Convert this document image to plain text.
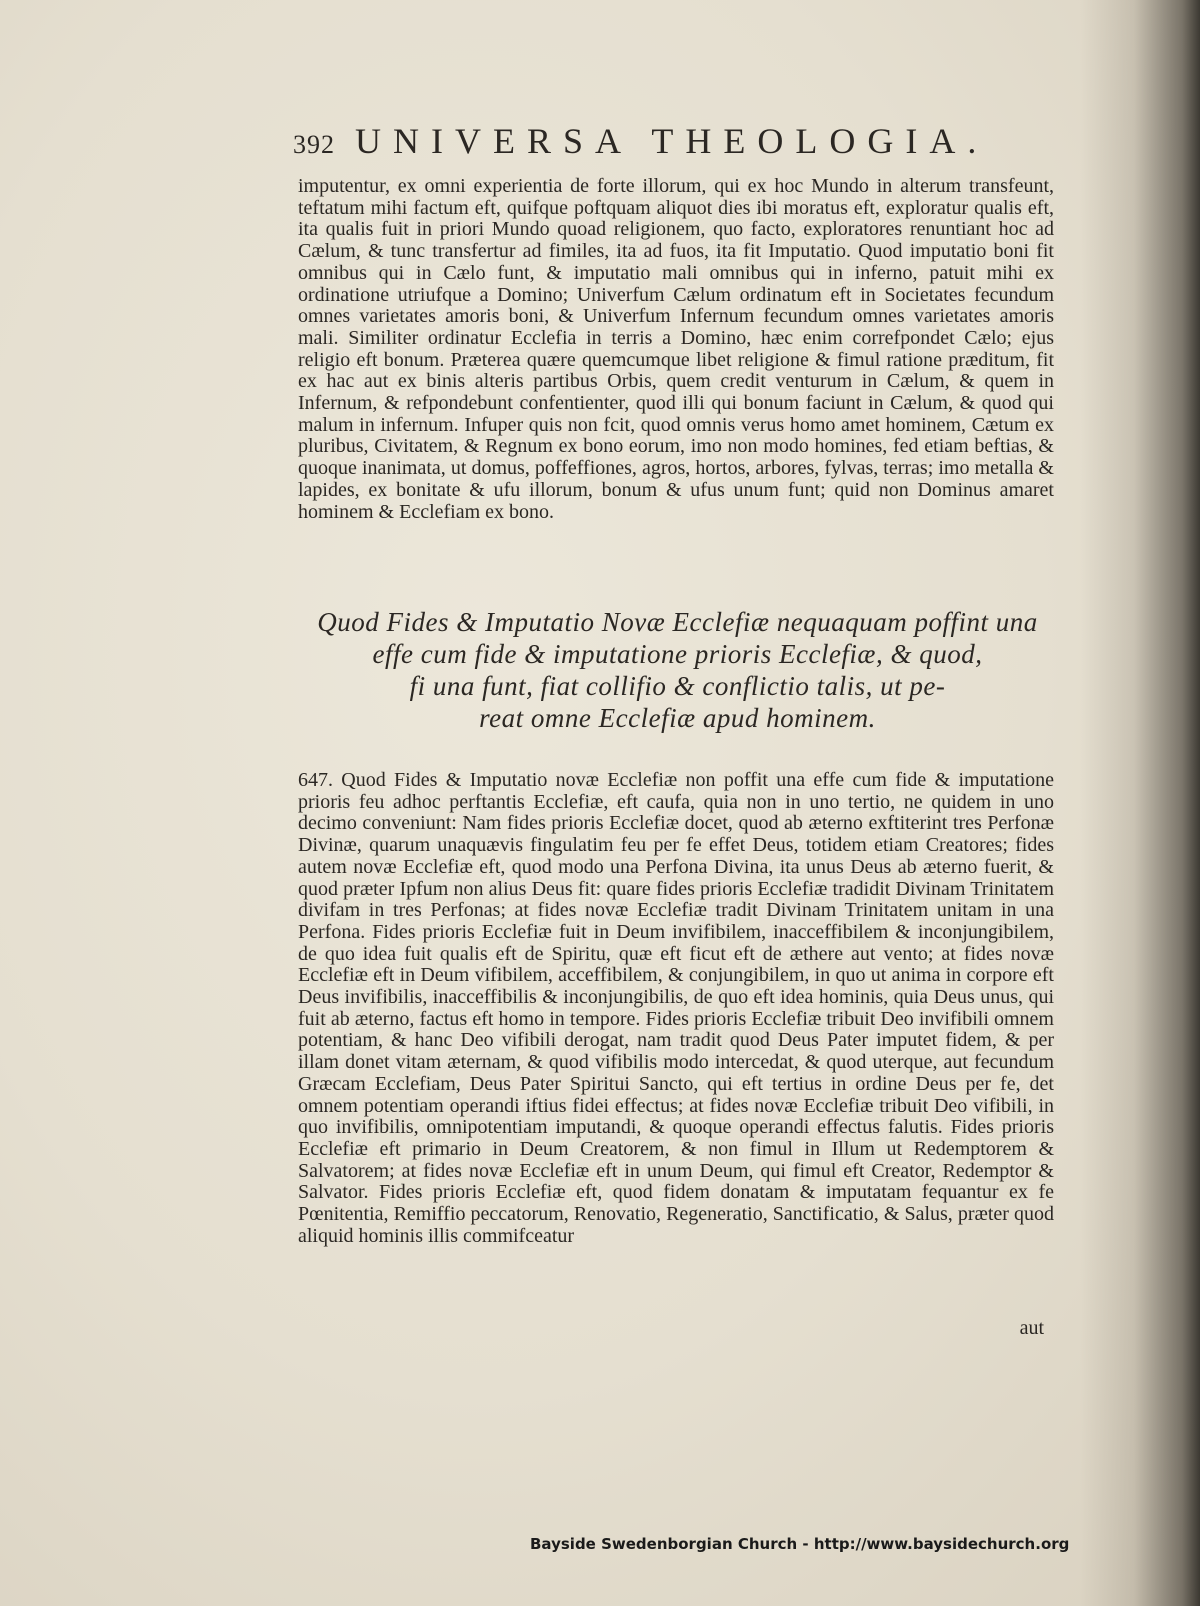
392 UNIVERSA THEOLOGIA.
imputentur, ex omni experientia de forte illorum, qui ex hoc Mundo in alterum transfeunt, teftatum mihi factum eft, quifque poftquam aliquot dies ibi moratus eft, exploratur qualis eft, ita qualis fuit in priori Mundo quoad religionem, quo facto, exploratores renuntiant hoc ad Cælum, & tunc transfertur ad fimiles, ita ad fuos, ita fit Imputatio. Quod imputatio boni fit omnibus qui in Cælo funt, & imputatio mali omnibus qui in inferno, patuit mihi ex ordinatione utriufque a Domino; Univerfum Cælum ordinatum eft in Societates fecundum omnes varietates amoris boni, & Univerfum Infernum fecundum omnes varietates amoris mali. Similiter ordinatur Ecclefia in terris a Domino, hæc enim correfpondet Cælo; ejus religio eft bonum. Præterea quære quemcumque libet religione & fimul ratione præditum, fit ex hac aut ex binis alteris partibus Orbis, quem credit venturum in Cælum, & quem in Infernum, & refpondebunt confentienter, quod illi qui bonum faciunt in Cælum, & quod qui malum in infernum. Infuper quis non fcit, quod omnis verus homo amet hominem, Cætum ex pluribus, Civitatem, & Regnum ex bono eorum, imo non modo homines, fed etiam beftias, & quoque inanimata, ut domus, poffeffiones, agros, hortos, arbores, fylvas, terras; imo metalla & lapides, ex bonitate & ufu illorum, bonum & ufus unum funt; quid non Dominus amaret hominem & Ecclefiam ex bono.
Quod Fides & Imputatio Novæ Ecclefiæ nequaquam poffint una
effe cum fide & imputatione prioris Ecclefiæ, & quod,
fi una funt, fiat collifio & conflictio talis, ut pe-
reat omne Ecclefiæ apud hominem.
647. Quod Fides & Imputatio novæ Ecclefiæ non poffit una effe cum fide & imputatione prioris feu adhoc perftantis Ecclefiæ, eft caufa, quia non in uno tertio, ne quidem in uno decimo conveniunt: Nam fides prioris Ecclefiæ docet, quod ab æterno exftiterint tres Perfonæ Divinæ, quarum unaquævis fingulatim feu per fe effet Deus, totidem etiam Creatores; fides autem novæ Ecclefiæ eft, quod modo una Perfona Divina, ita unus Deus ab æterno fuerit, & quod præter Ipfum non alius Deus fit: quare fides prioris Ecclefiæ tradidit Divinam Trinitatem divifam in tres Perfonas; at fides novæ Ecclefiæ tradit Divinam Trinitatem unitam in una Perfona. Fides prioris Ecclefiæ fuit in Deum invifibilem, inacceffibilem & inconjungibilem, de quo idea fuit qualis eft de Spiritu, quæ eft ficut eft de æthere aut vento; at fides novæ Ecclefiæ eft in Deum vifibilem, acceffibilem, & conjungibilem, in quo ut anima in corpore eft Deus invifibilis, inacceffibilis & inconjungibilis, de quo eft idea hominis, quia Deus unus, qui fuit ab æterno, factus eft homo in tempore. Fides prioris Ecclefiæ tribuit Deo invifibili omnem potentiam, & hanc Deo vifibili derogat, nam tradit quod Deus Pater imputet fidem, & per illam donet vitam æternam, & quod vifibilis modo intercedat, & quod uterque, aut fecundum Græcam Ecclefiam, Deus Pater Spiritui Sancto, qui eft tertius in ordine Deus per fe, det omnem potentiam operandi iftius fidei effectus; at fides novæ Ecclefiæ tribuit Deo vifibili, in quo invifibilis, omnipotentiam imputandi, & quoque operandi effectus falutis. Fides prioris Ecclefiæ eft primario in Deum Creatorem, & non fimul in Illum ut Redemptorem & Salvatorem; at fides novæ Ecclefiæ eft in unum Deum, qui fimul eft Creator, Redemptor & Salvator. Fides prioris Ecclefiæ eft, quod fidem donatam & imputatam fequantur ex fe Pœnitentia, Remiffio peccatorum, Renovatio, Regeneratio, Sanctificatio, & Salus, præter quod aliquid hominis illis commifceatur
aut
Bayside Swedenborgian Church - http://www.baysidechurch.org
